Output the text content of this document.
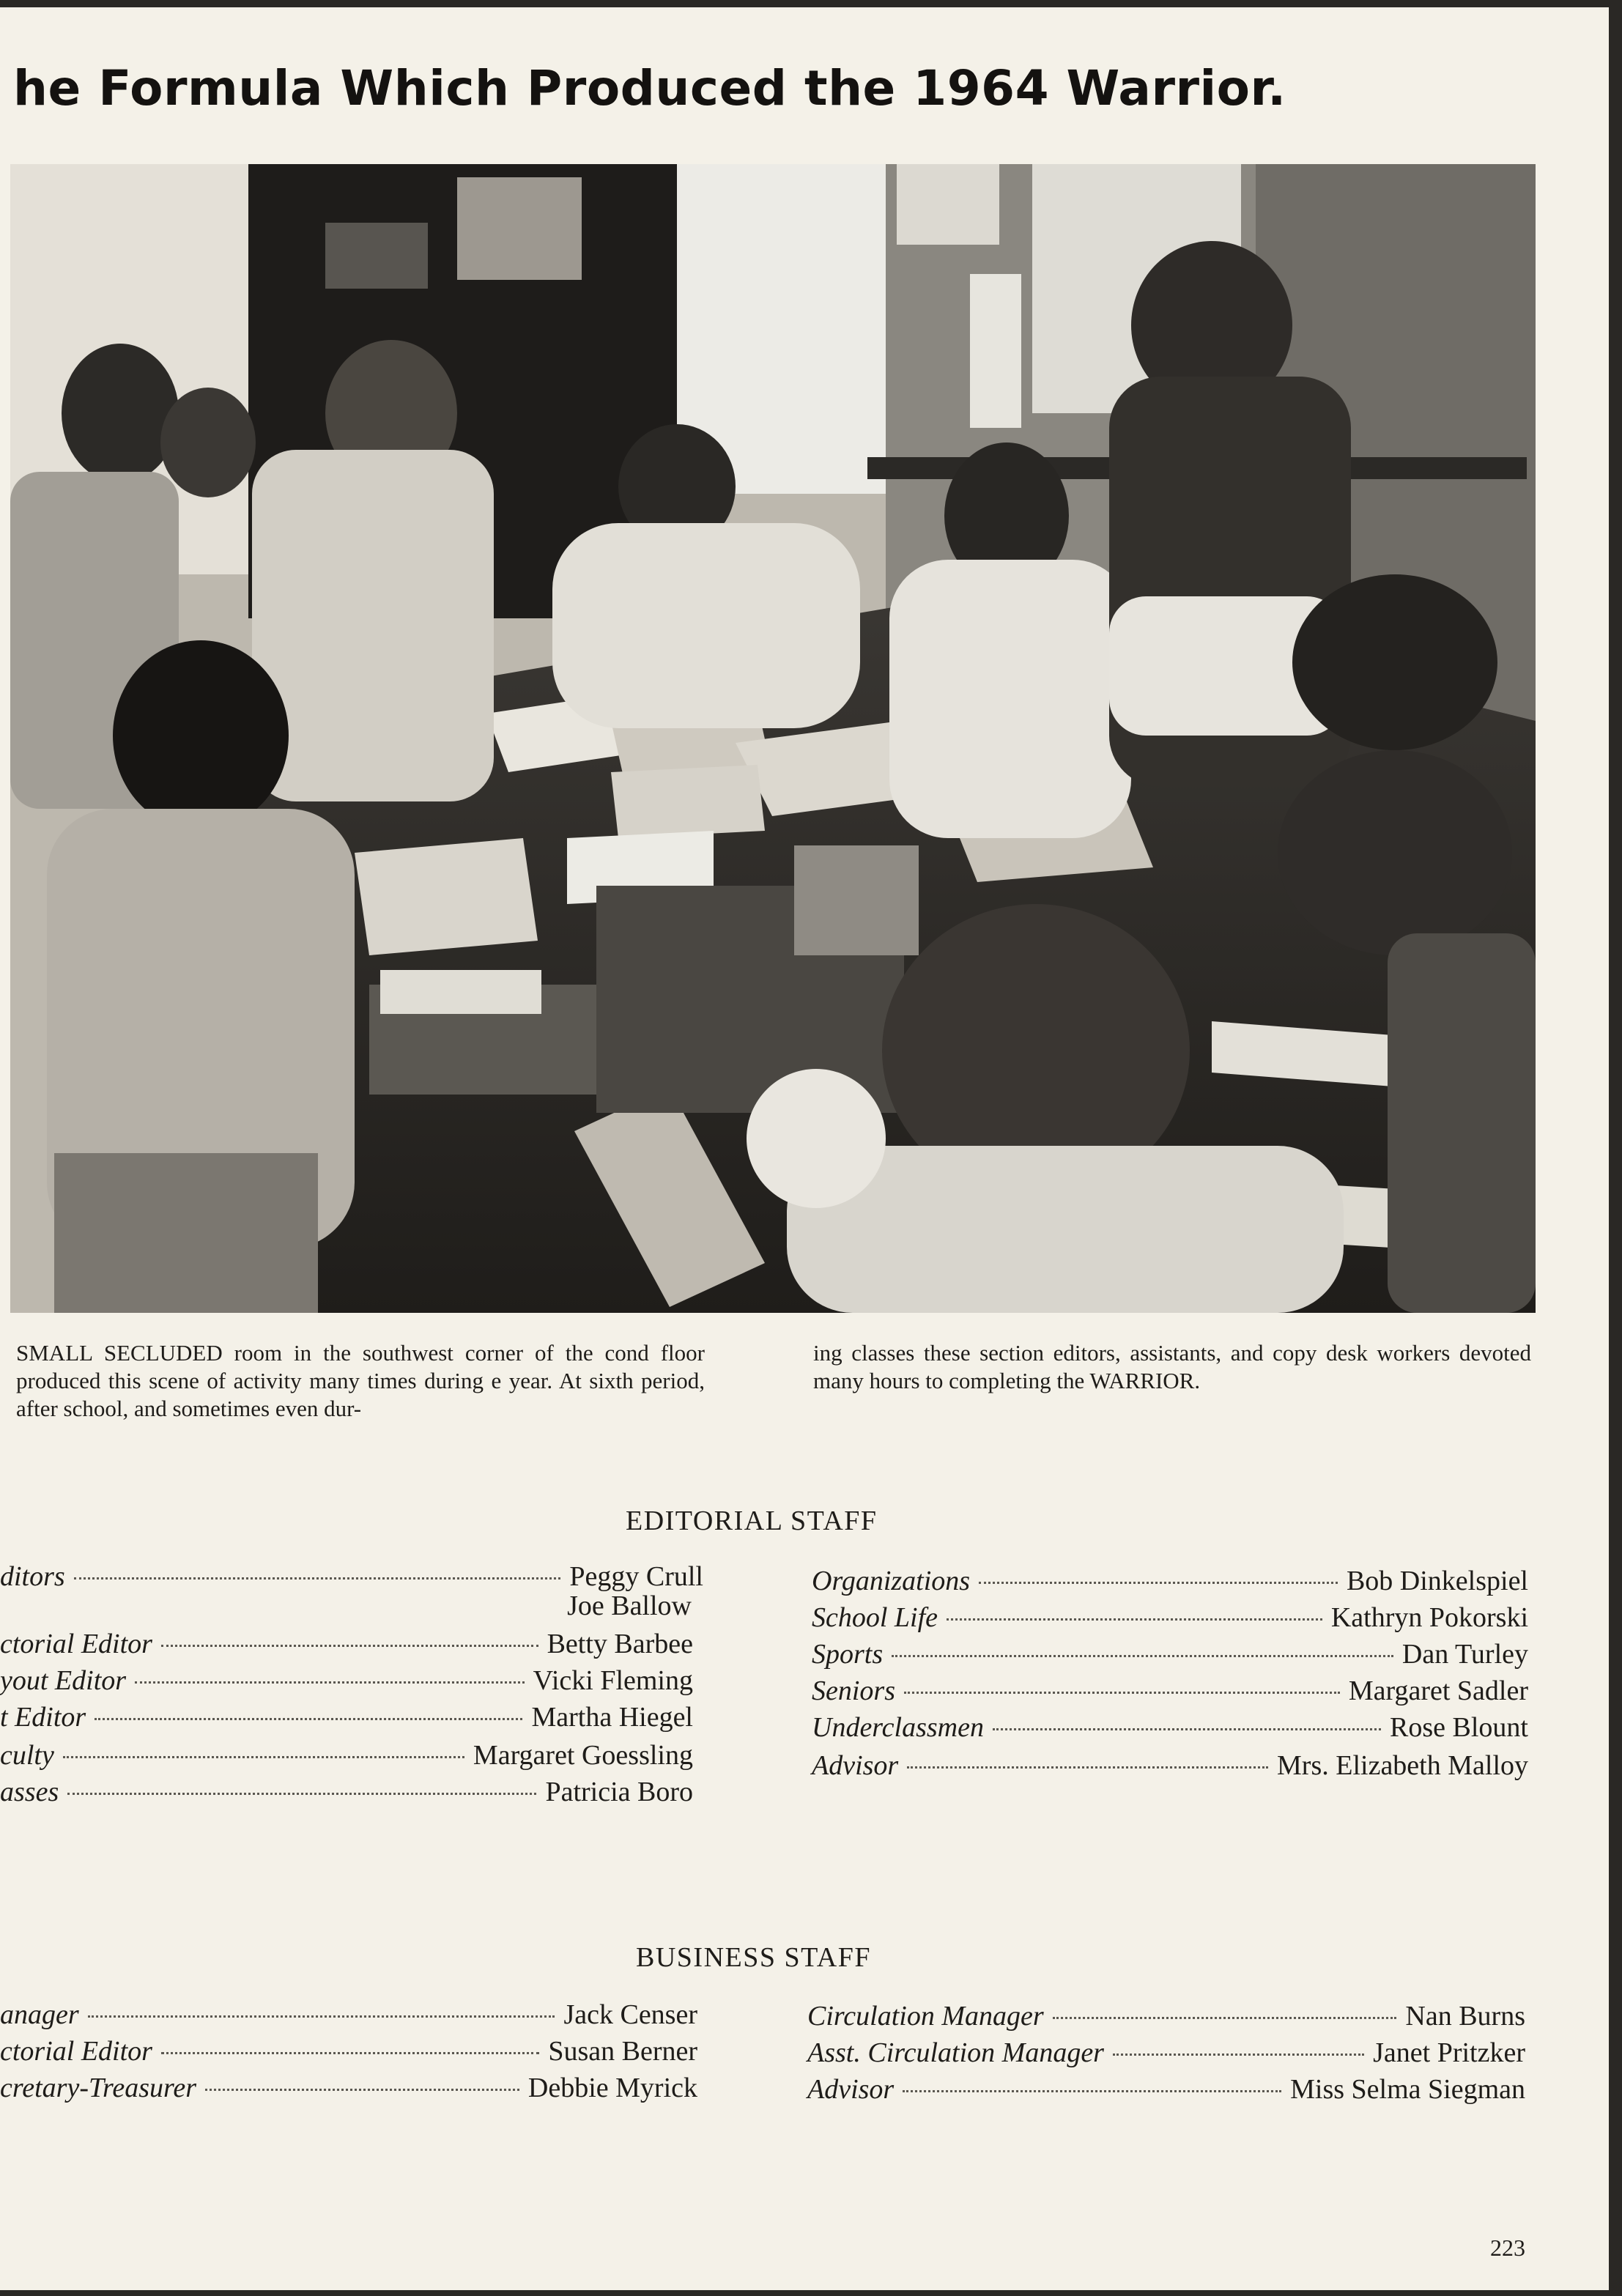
he Formula Which Produced the 1964 Warrior.

SMALL SECLUDED room in the southwest corner of the cond floor produced this scene of activity many times during e year. At sixth period, after school, and sometimes even dur-

ing classes these section editors, assistants, and copy desk workers devoted many hours to completing the WARRIOR.

EDITORIAL STAFF
ditors	Peggy Crull
Joe Ballow
ctorial Editor	Betty Barbee
yout Editor	Vicki Fleming
t Editor	Martha Hiegel
culty	Margaret Goessling
asses	Patricia Boro
Organizations	Bob Dinkelspiel
School Life	Kathryn Pokorski
Sports	Dan Turley
Seniors	Margaret Sadler
Underclassmen	Rose Blount
Advisor	Mrs. Elizabeth Malloy
BUSINESS STAFF
anager	Jack Censer
ctorial Editor	Susan Berner
cretary-Treasurer	Debbie Myrick
Circulation Manager	Nan Burns
Asst. Circulation Manager	Janet Pritzker
Advisor	Miss Selma Siegman
223
